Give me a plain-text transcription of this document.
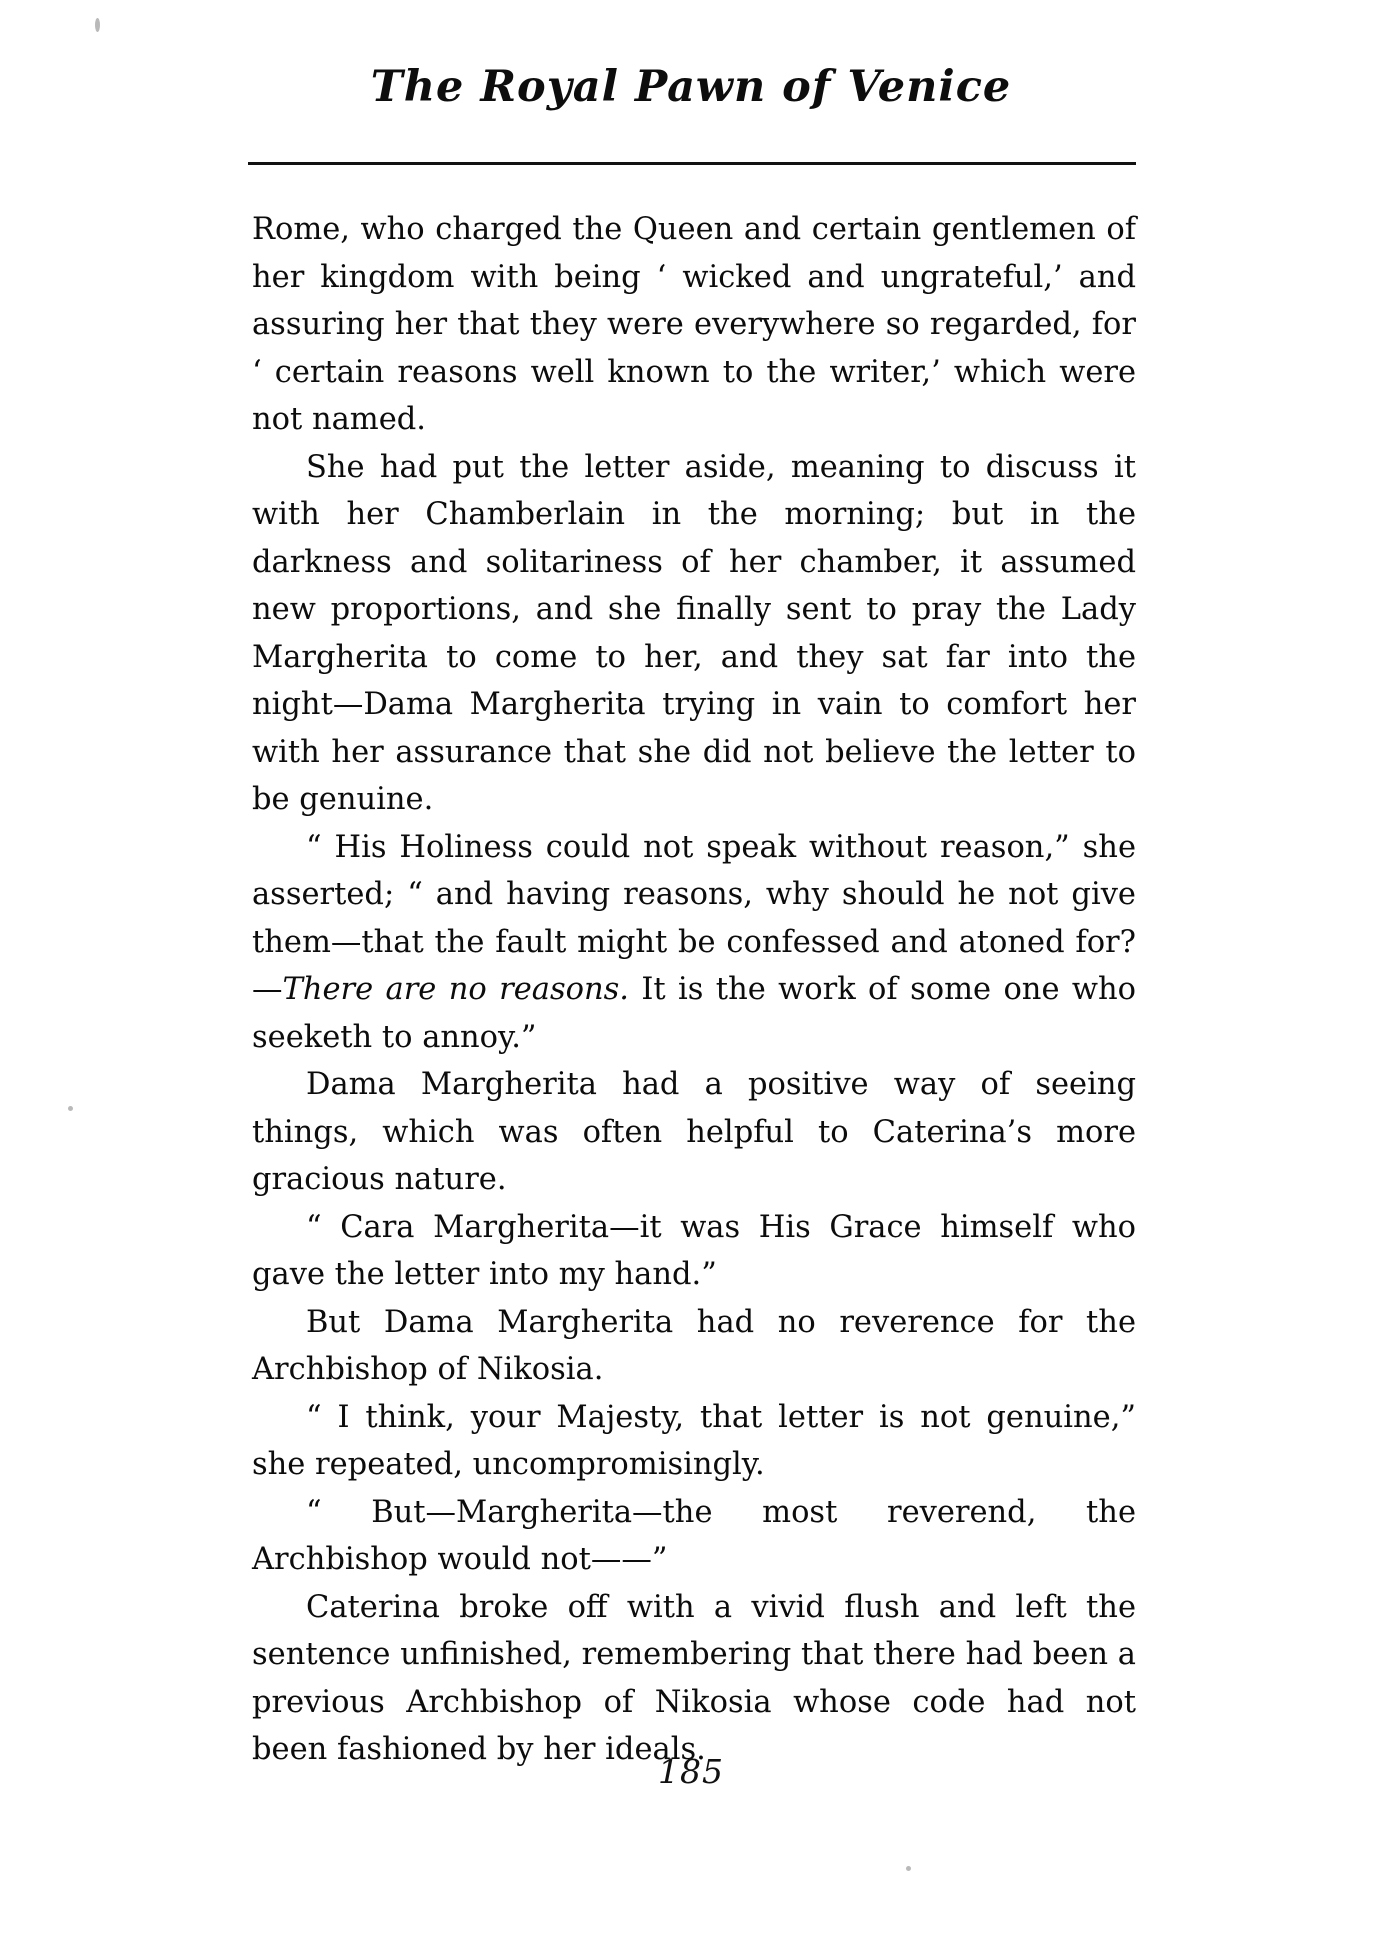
The Royal Pawn of Venice

Rome, who charged the Queen and certain gentlemen of her kingdom with being ‘ wicked and ungrateful,’ and assuring her that they were everywhere so regarded, for ‘ certain reasons well known to the writer,’ which were not named.

She had put the letter aside, meaning to discuss it with her Chamberlain in the morning; but in the darkness and solitariness of her chamber, it assumed new proportions, and she finally sent to pray the Lady Margherita to come to her, and they sat far into the night—Dama Margherita trying in vain to comfort her with her assurance that she did not believe the letter to be genuine.

“ His Holiness could not speak without reason,” she asserted; “ and having reasons, why should he not give them—that the fault might be confessed and atoned for?—There are no reasons. It is the work of some one who seeketh to annoy.”

Dama Margherita had a positive way of seeing things, which was often helpful to Caterina’s more gracious nature.

“ Cara Margherita—it was His Grace himself who gave the letter into my hand.”

But Dama Margherita had no reverence for the Archbishop of Nikosia.

“ I think, your Majesty, that letter is not genuine,” she repeated, uncompromisingly.

“ But—Margherita—the most reverend, the Archbishop would not——”

Caterina broke off with a vivid flush and left the sentence unfinished, remembering that there had been a previous Archbishop of Nikosia whose code had not been fashioned by her ideals.

185
